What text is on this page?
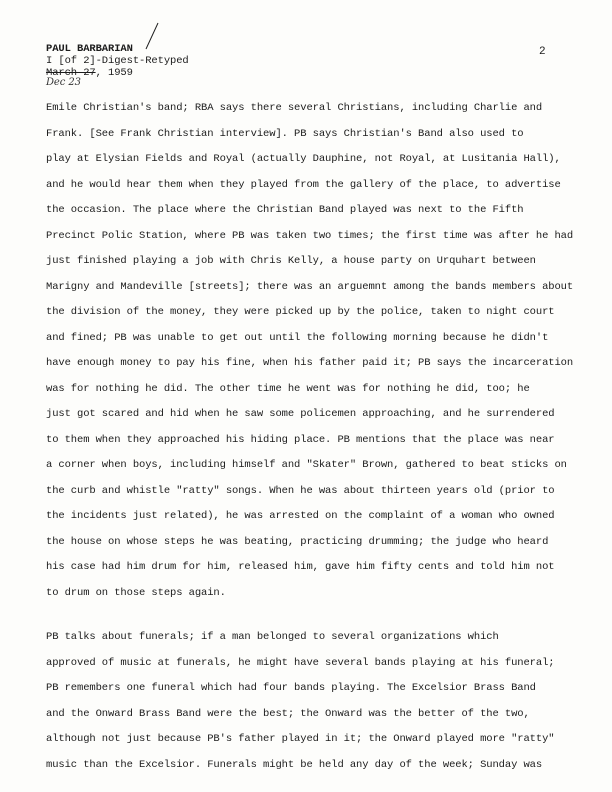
2
PAUL BARBARIAN
I [of 2]-Digest-Retyped
March 27, 1959
Dec 23
Emile Christian's band; RBA says there several Christians, including Charlie and
Frank. [See Frank Christian interview]. PB says Christian's Band also used to
play at Elysian Fields and Royal (actually Dauphine, not Royal, at Lusitania Hall),
and he would hear them when they played from the gallery of the place, to advertise
the occasion. The place where the Christian Band played was next to the Fifth
Precinct Polic Station, where PB was taken two times; the first time was after he had
just finished playing a job with Chris Kelly, a house party on Urquhart between
Marigny and Mandeville [streets]; there was an arguemnt among the bands members about
the division of the money, they were picked up by the police, taken to night court
and fined; PB was unable to get out until the following morning because he didn't
have enough money to pay his fine, when his father paid it; PB says the incarceration
was for nothing he did. The other time he went was for nothing he did, too; he
just got scared and hid when he saw some policemen approaching, and he surrendered
to them when they approached his hiding place. PB mentions that the place was near
a corner when boys, including himself and "Skater" Brown, gathered to beat sticks on
the curb and whistle "ratty" songs. When he was about thirteen years old (prior to
the incidents just related), he was arrested on the complaint of a woman who owned
the house on whose steps he was beating, practicing drumming; the judge who heard
his case had him drum for him, released him, gave him fifty cents and told him not
to drum on those steps again.
PB talks about funerals; if a man belonged to several organizations which
approved of music at funerals, he might have several bands playing at his funeral;
PB remembers one funeral which had four bands playing. The Excelsior Brass Band
and the Onward Brass Band were the best; the Onward was the better of the two,
although not just because PB's father played in it; the Onward played more "ratty"
music than the Excelsior. Funerals might be held any day of the week; Sunday was
